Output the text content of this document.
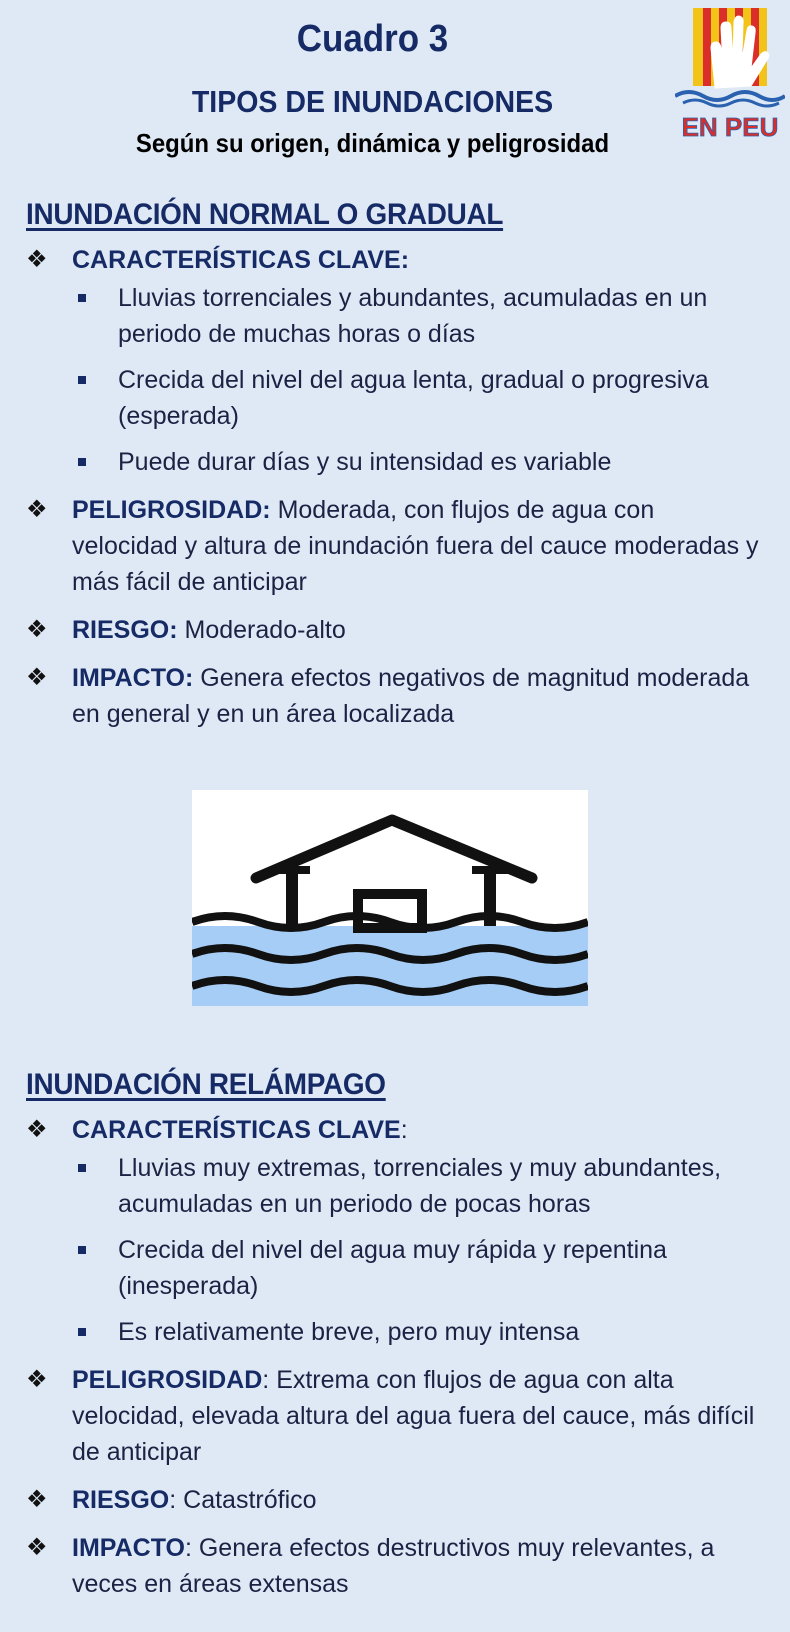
Cuadro 3
TIPOS DE INUNDACIONES
Según su origen, dinámica y peligrosidad
EN PEU
INUNDACIÓN NORMAL O GRADUAL
❖ CARACTERÍSTICAS CLAVE:
Lluvias torrenciales y abundantes, acumuladas en un periodo de muchas horas o días
Crecida del nivel del agua lenta, gradual o progresiva (esperada)
Puede durar días y su intensidad es variable
❖ PELIGROSIDAD: Moderada, con flujos de agua con velocidad y altura de inundación fuera del cauce moderadas y más fácil de anticipar
❖ RIESGO: Moderado-alto
❖ IMPACTO: Genera efectos negativos de magnitud moderada en general y en un área localizada
INUNDACIÓN RELÁMPAGO
❖ CARACTERÍSTICAS CLAVE:
Lluvias muy extremas, torrenciales y muy abundantes, acumuladas en un periodo de pocas horas
Crecida del nivel del agua muy rápida y repentina (inesperada)
Es relativamente breve, pero muy intensa
❖ PELIGROSIDAD: Extrema con flujos de agua con alta velocidad, elevada altura del agua fuera del cauce, más difícil de anticipar
❖ RIESGO: Catastrófico
❖ IMPACTO: Genera efectos destructivos muy relevantes, a veces en áreas extensas
